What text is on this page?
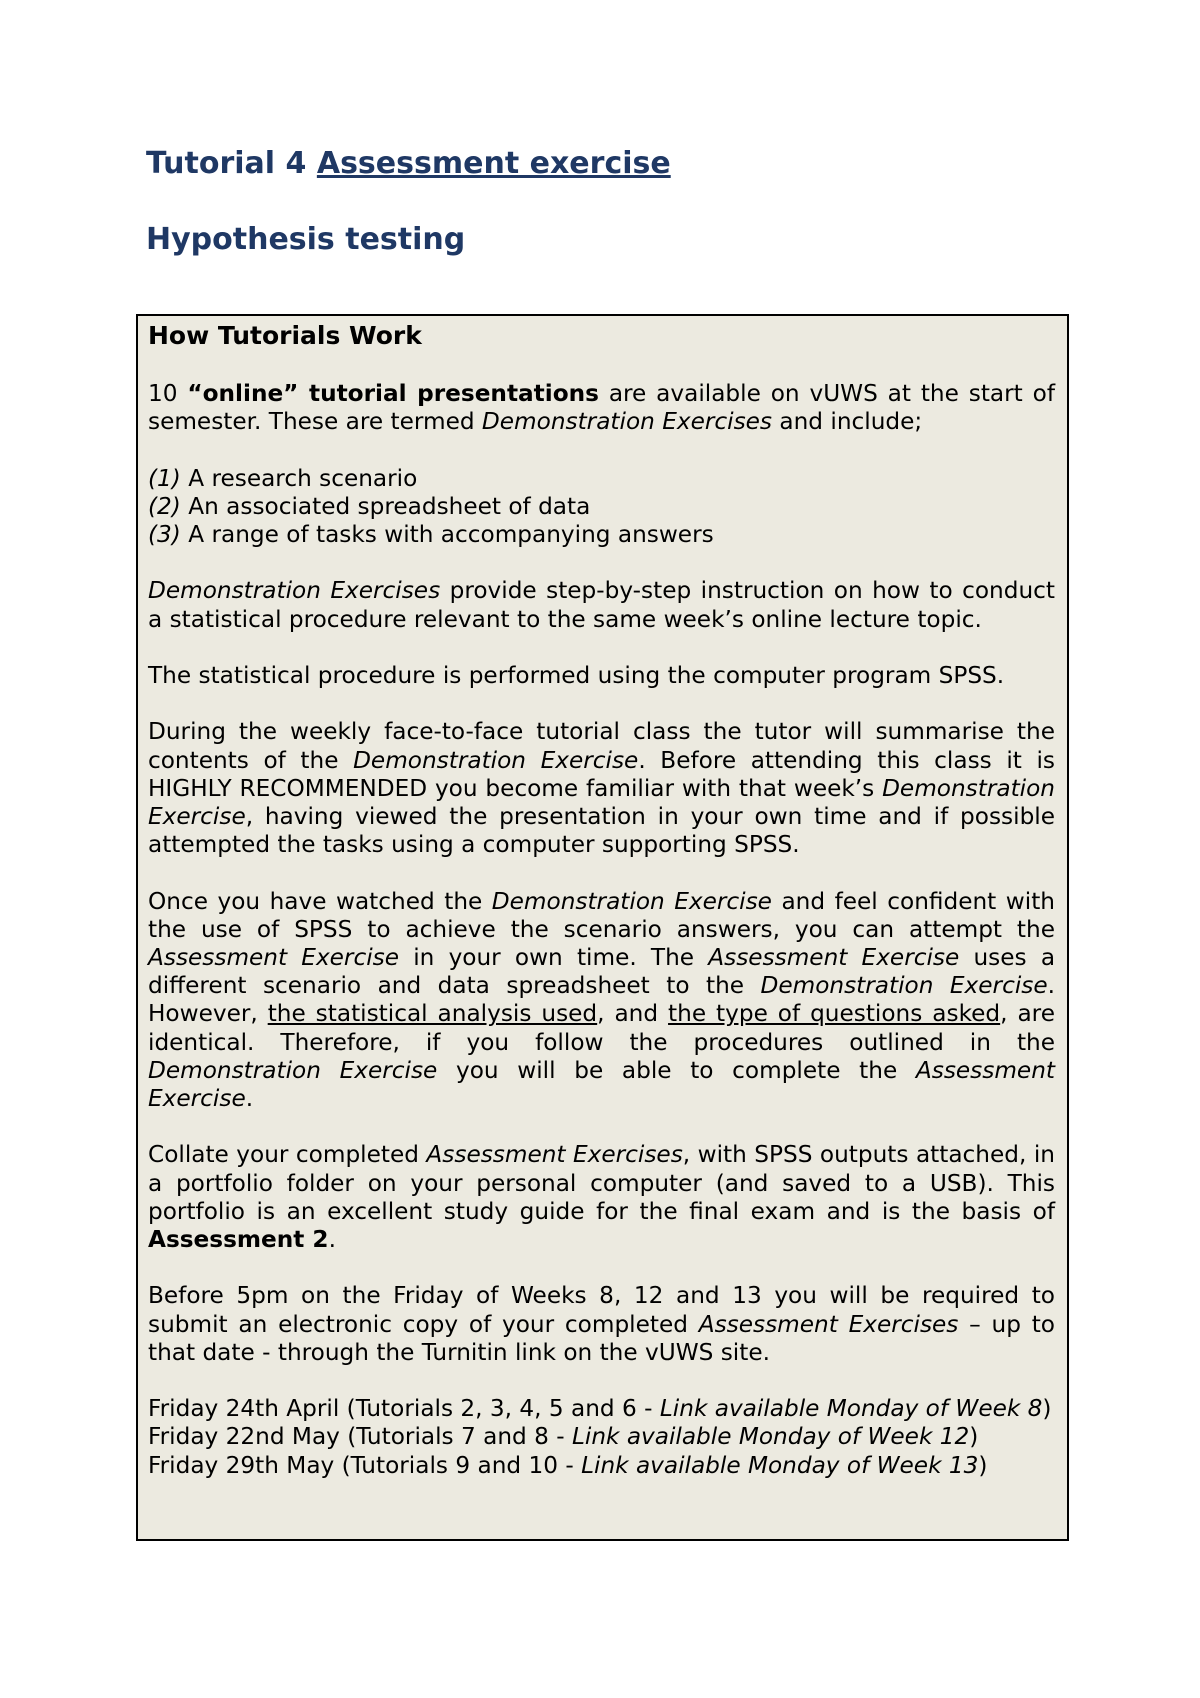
Tutorial 4 Assessment exercise
Hypothesis testing
How Tutorials Work

10 “online” tutorial presentations are available on vUWS at the start of semester. These are termed Demonstration Exercises and include;

(1) A research scenario
(2) An associated spreadsheet of data
(3) A range of tasks with accompanying answers

Demonstration Exercises provide step-by-step instruction on how to conduct a statistical procedure relevant to the same week’s online lecture topic.

The statistical procedure is performed using the computer program SPSS.

During the weekly face-to-face tutorial class the tutor will summarise the contents of the Demonstration Exercise. Before attending this class it is HIGHLY RECOMMENDED you become familiar with that week’s Demonstration Exercise, having viewed the presentation in your own time and if possible attempted the tasks using a computer supporting SPSS.

Once you have watched the Demonstration Exercise and feel confident with the use of SPSS to achieve the scenario answers, you can attempt the Assessment Exercise in your own time. The Assessment Exercise uses a different scenario and data spreadsheet to the Demonstration Exercise. However, the statistical analysis used, and the type of questions asked, are identical. Therefore, if you follow the procedures outlined in the Demonstration Exercise you will be able to complete the Assessment Exercise.

Collate your completed Assessment Exercises, with SPSS outputs attached, in a portfolio folder on your personal computer (and saved to a USB). This portfolio is an excellent study guide for the final exam and is the basis of Assessment 2.

Before 5pm on the Friday of Weeks 8, 12 and 13 you will be required to submit an electronic copy of your completed Assessment Exercises – up to that date - through the Turnitin link on the vUWS site.

Friday 24th April (Tutorials 2, 3, 4, 5 and 6 - Link available Monday of Week 8)
Friday 22nd May (Tutorials 7 and 8 - Link available Monday of Week 12)
Friday 29th May (Tutorials 9 and 10 - Link available Monday of Week 13)
